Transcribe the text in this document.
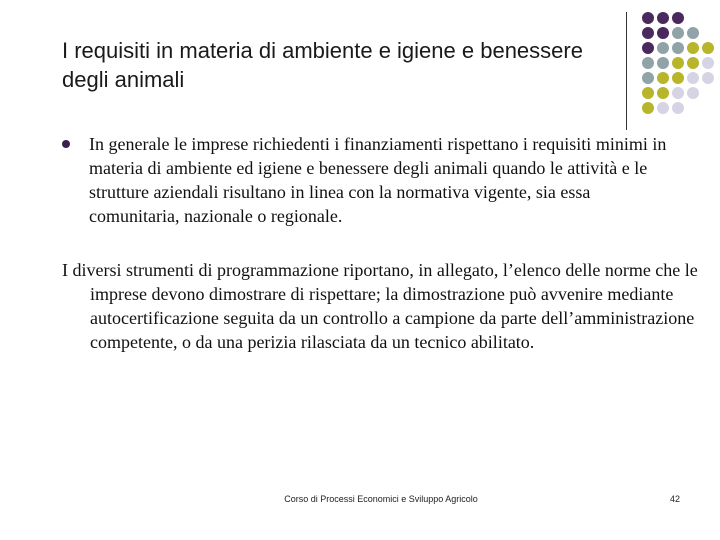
I requisiti in materia di ambiente e igiene e benessere degli animali

In generale le imprese richiedenti i finanziamenti rispettano i requisiti minimi in materia di ambiente ed igiene e benessere degli animali quando le attività e le strutture aziendali risultano in linea con la normativa vigente, sia essa comunitaria, nazionale o regionale.

I diversi strumenti di programmazione riportano, in allegato, l’elenco delle norme che le imprese devono dimostrare di rispettare; la dimostrazione può avvenire mediante autocertificazione seguita da un controllo a campione da parte dell’amministrazione competente, o da una perizia rilasciata da un tecnico abilitato.

Corso di Processi Economici e Sviluppo Agricolo	42
